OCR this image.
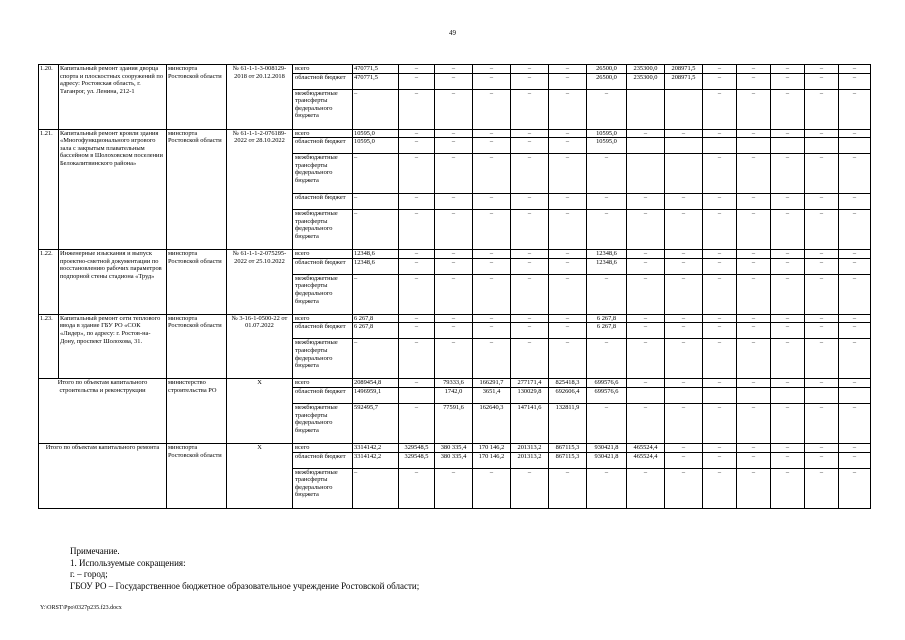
49
1.20.	Капитальный ремонт здания дворца спорта и плоскостных сооружений по адресу: Ростовская область, г. Таганрог, ул. Ленина, 212-1	минспорта Ростовской области	№ 61-1-1-3-008129-2018 от 20.12.2018	всего	470771,5	–	–	–	–	–	26500,0	235300,0	208971,5	–	–	–	–	–
				областной бюджет	470771,5	–	–	–	–	–	26500,0	235300,0	208971,5	–	–	–	–	–
				межбюджетные трансферты федерального бюджета	–	–	–	–	–	–	–			–	–	–	–	–
1.21.	Капитальный ремонт кровли здания «Многофункционального игрового зала с закрытым плавательным бассейном в Шолоховском поселении Белокалитвинского района»	минспорта Ростовской области	№ 61-1-1-2-076189-2022 от 28.10.2022	всего	10595,0	–	–	–	–	–	10595,0	–	–	–	–	–	–	–
				областной бюджет	10595,0	–	–	–	–	–	10595,0							
				межбюджетные трансферты федерального бюджета	–	–	–	–	–	–	–			–	–	–	–	–
				областной бюджет	–	–	–	–	–	–	–	–	–	–	–	–	–	–
				межбюджетные трансферты федерального бюджета	–	–	–	–	–	–	–	–	–	–	–	–	–	–
1.22.	Инженерные изыскания и выпуск проектно-сметной документации по восстановлению рабочих параметров подпорной стены стадиона «Труд»	минспорта Ростовской области	№ 61-1-1-2-075295-2022 от 25.10.2022	всего	12348,6	–	–	–	–	–	12348,6	–	–	–	–	–	–	–
				областной бюджет	12348,6	–	–	–	–	–	12348,6	–	–	–	–	–	–	–
				межбюджетные трансферты федерального бюджета	–	–	–	–	–	–	–	–	–	–	–	–	–	–
1.23.	Капитальный ремонт сети теплового ввода в здание ГБУ РО «СОК «Лидер», по адресу: г. Ростов-на-Дону, проспект Шолохова, 31.	минспорта Ростовской области	№ 3-16-1-0500-22 от 01.07.2022	всего	6 267,8	–	–	–	–	–	6 267,8	–	–	–	–	–	–	–
				областной бюджет	6 267,8	–	–	–	–	–	6 267,8	–	–	–	–	–	–	–
				межбюджетные трансферты федерального бюджета	–	–	–	–	–	–	–	–	–	–	–	–	–	–
Итого по объектам капитального строительства и реконструкции		министерство строительства РО	X	всего	2089454,8	–	79333,6	166291,7	277171,4	825418,3	699576,6	–	–	–	–	–	–	–
				областной бюджет	1496959,1		1742,0	3651,4	130029,8	692606,4	699576,6							
				межбюджетные трансферты федерального бюджета	592495,7	–	77591,6	162640,3	147141,6	132811,9	–	–	–	–	–	–	–	–
Итого по объектам капитального ремонта		минспорта Ростовской области	X	всего	3314142,2	329548,5	380 335,4	170 146,2	201313,2	867115,3	930421,8	465524,4	–	–	–	–	–	–
				областной бюджет	3314142,2	329548,5	380 335,4	170 146,2	201313,2	867115,3	930421,8	465524,4	–	–	–	–	–	–
				межбюджетные трансферты федерального бюджета	–	–	–	–	–	–	–	–	–	–	–	–	–	–
Примечание.
1. Используемые сокращения:
г. – город;
ГБОУ РО – Государственное бюджетное образовательное учреждение Ростовской области;
Y:\ORST\Ppo\0327p235.f23.docx
